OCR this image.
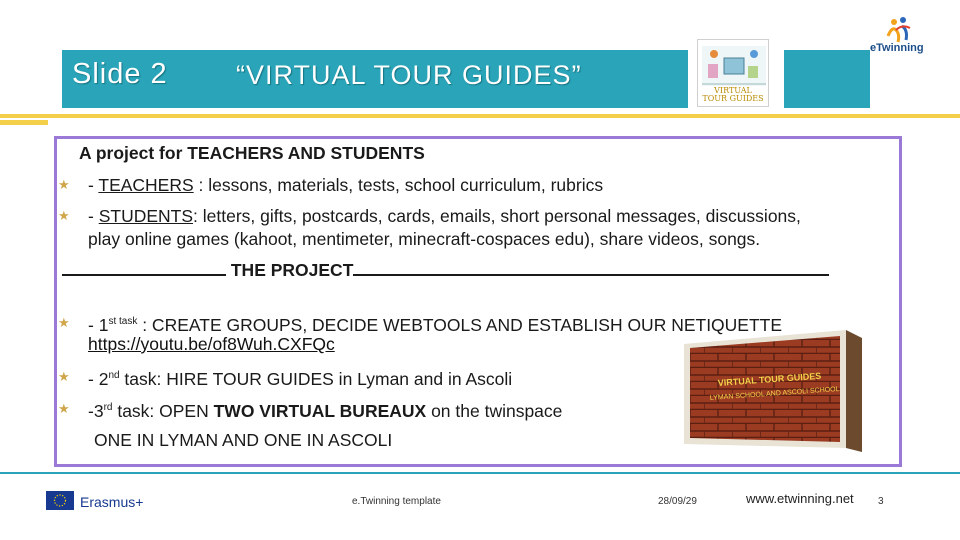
Slide 2	“VIRTUAL TOUR GUIDES”
VIRTUAL
TOUR GUIDES
eTwinning
A project for TEACHERS AND STUDENTS
★ - TEACHERS : lessons, materials, tests, school curriculum, rubrics
★ - STUDENTS: letters, gifts, postcards, cards, emails, short personal messages, discussions,
play online games (kahoot, mentimeter, minecraft-cospaces edu), share videos, songs.
THE PROJECT
★ - $1^{st task}$ : CREATE GROUPS, DECIDE WEBTOOLS AND ESTABLISH OUR NETIQUETTE
https://youtu.be/of8Wuh.CXFQc
★ - 2nd task: HIRE TOUR GUIDES in Lyman and in Ascoli
★ -3rd task: OPEN TWO VIRTUAL BUREAUX on the twinspace
ONE IN LYMAN AND ONE IN ASCOLI
VIRTUAL TOUR GUIDES
LYMAN SCHOOL AND ASCOLI SCHOOL
Erasmus+	e.Twinning template	28/09/29	www.etwinning.net 3
